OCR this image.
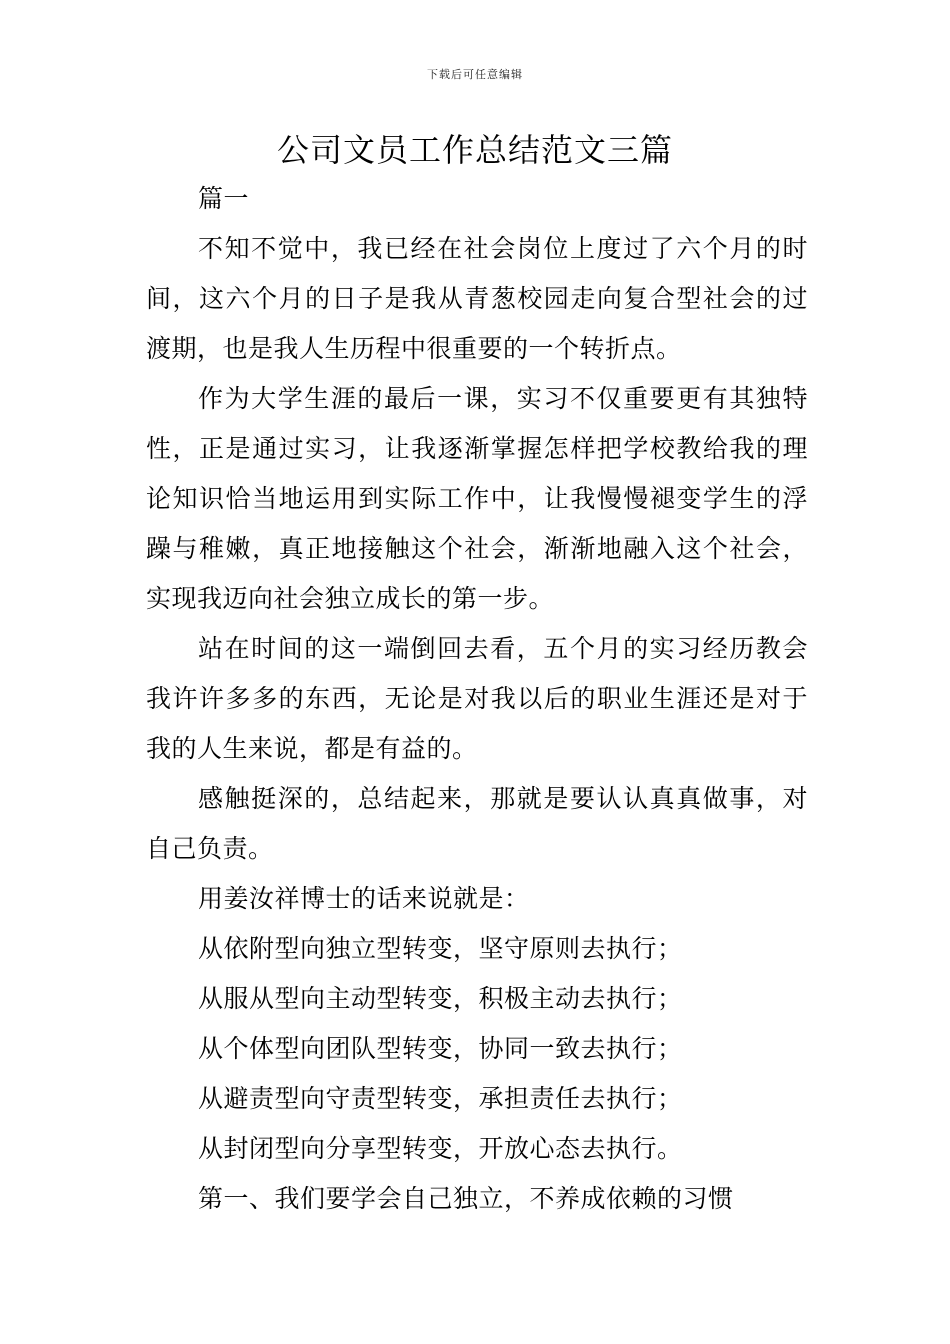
下载后可任意编辑
公司文员工作总结范文三篇

篇一

不知不觉中，我已经在社会岗位上度过了六个月的时间，这六个月的日子是我从青葱校园走向复合型社会的过渡期，也是我人生历程中很重要的一个转折点。

作为大学生涯的最后一课，实习不仅重要更有其独特性，正是通过实习，让我逐渐掌握怎样把学校教给我的理论知识恰当地运用到实际工作中，让我慢慢褪变学生的浮躁与稚嫩，真正地接触这个社会，渐渐地融入这个社会，实现我迈向社会独立成长的第一步。

站在时间的这一端倒回去看，五个月的实习经历教会我许许多多的东西，无论是对我以后的职业生涯还是对于我的人生来说，都是有益的。

感触挺深的，总结起来，那就是要认认真真做事，对自己负责。

用姜汝祥博士的话来说就是：

从依附型向独立型转变，坚守原则去执行；

从服从型向主动型转变，积极主动去执行；

从个体型向团队型转变，协同一致去执行；

从避责型向守责型转变，承担责任去执行；

从封闭型向分享型转变，开放心态去执行。

第一、我们要学会自己独立，不养成依赖的习惯
